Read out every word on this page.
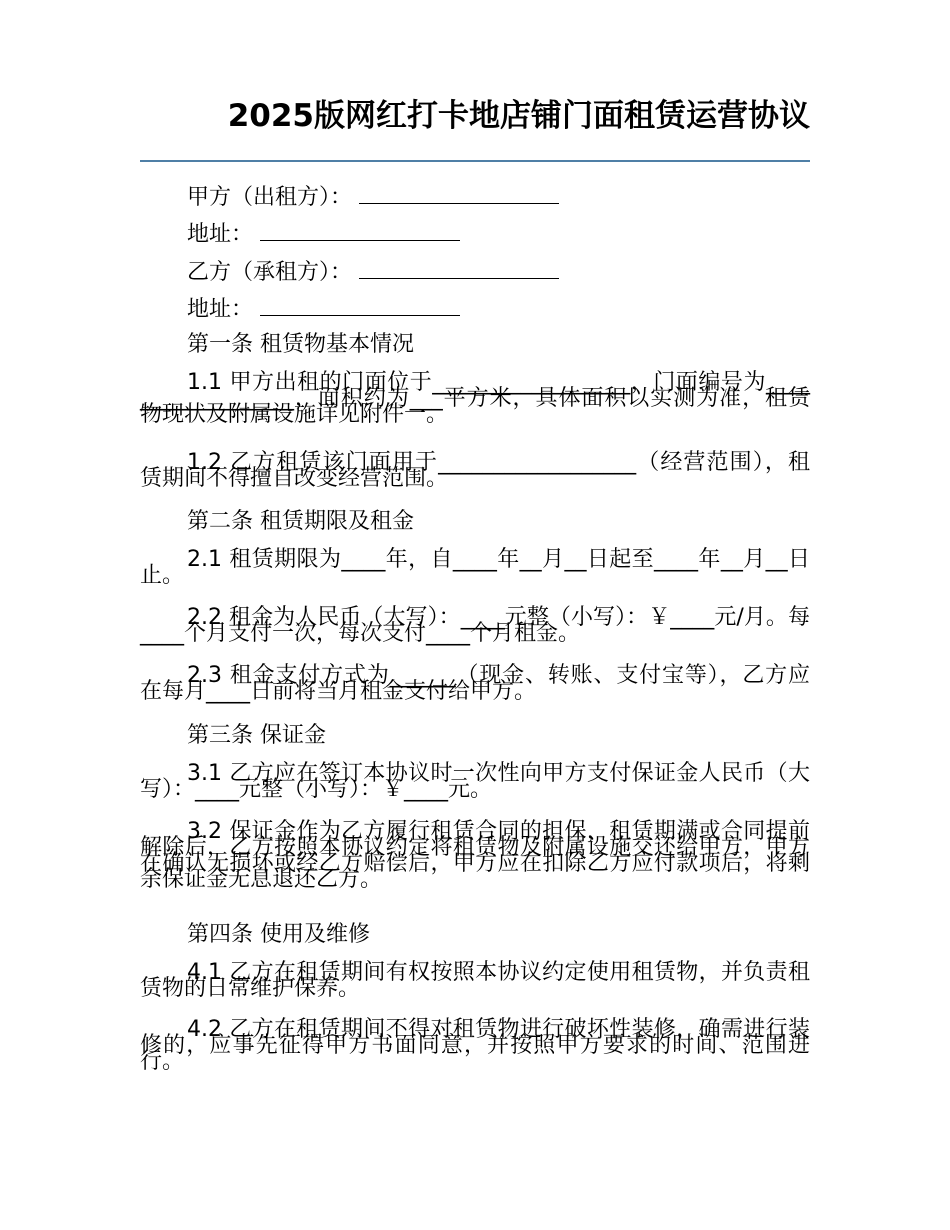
2025版网红打卡地店铺门面租赁运营协议
甲方（出租方）：
地址：
乙方（承租方）：
地址：
第一条 租赁物基本情况
1.1 甲方出租的门面位于__________________，门面编号为__________________，面积约为___平方米，具体面积以实测为准，租赁物现状及附属设施详见附件一。
1.2 乙方租赁该门面用于__________________（经营范围），租赁期间不得擅自改变经营范围。
第二条 租赁期限及租金
2.1 租赁期限为____年，自____年__月__日起至____年__月__日止。
2.2 租金为人民币（大写）：____元整（小写）：￥____元/月。每____个月支付一次，每次支付____个月租金。
2.3 租金支付方式为______（现金、转账、支付宝等），乙方应在每月____日前将当月租金支付给甲方。
第三条 保证金
3.1 乙方应在签订本协议时一次性向甲方支付保证金人民币（大写）：____元整（小写）：￥____元。
3.2 保证金作为乙方履行租赁合同的担保，租赁期满或合同提前解除后，乙方按照本协议约定将租赁物及附属设施交还给甲方，甲方在确认无损坏或经乙方赔偿后，甲方应在扣除乙方应付款项后，将剩余保证金无息退还乙方。
第四条 使用及维修
4.1 乙方在租赁期间有权按照本协议约定使用租赁物，并负责租赁物的日常维护保养。
4.2 乙方在租赁期间不得对租赁物进行破坏性装修，确需进行装修的，应事先征得甲方书面同意，并按照甲方要求的时间、范围进行。
